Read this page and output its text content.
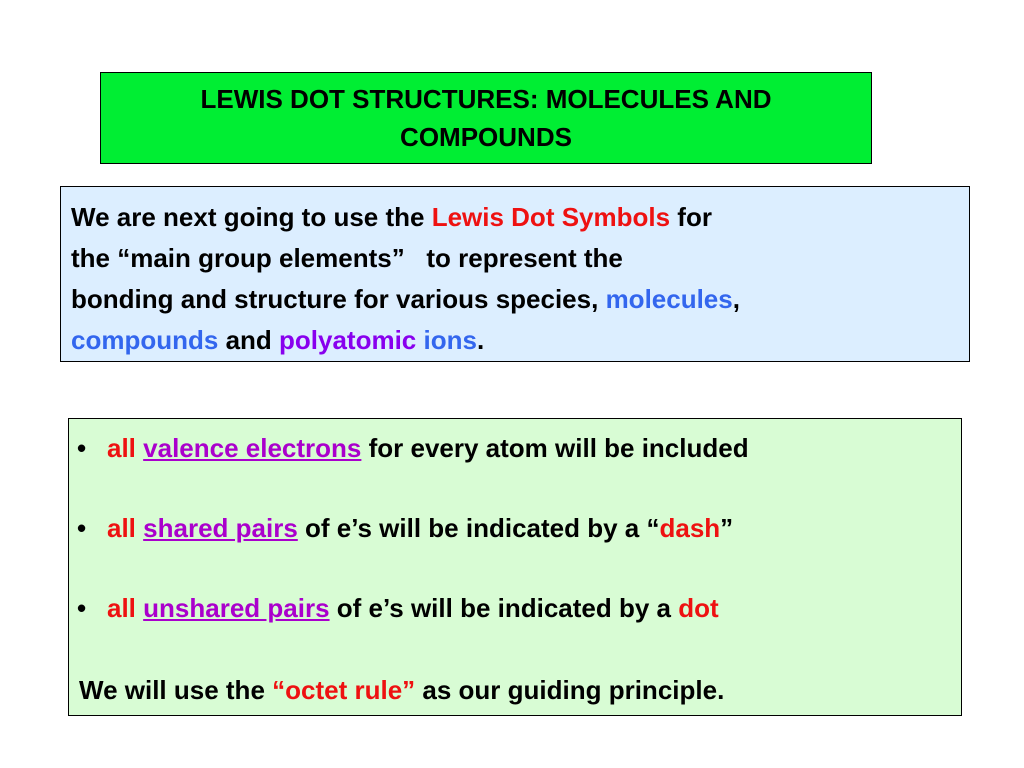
LEWIS DOT STRUCTURES: MOLECULES AND
COMPOUNDS
We are next going to use the Lewis Dot Symbols for
the “main group elements”   to represent the
bonding and structure for various species, molecules,
compounds and polyatomic ions.
• all valence electrons for every atom will be included
• all shared pairs of e’s will be indicated by a “dash”
• all unshared pairs of e’s will be indicated by a dot
We will use the “octet rule” as our guiding principle.
